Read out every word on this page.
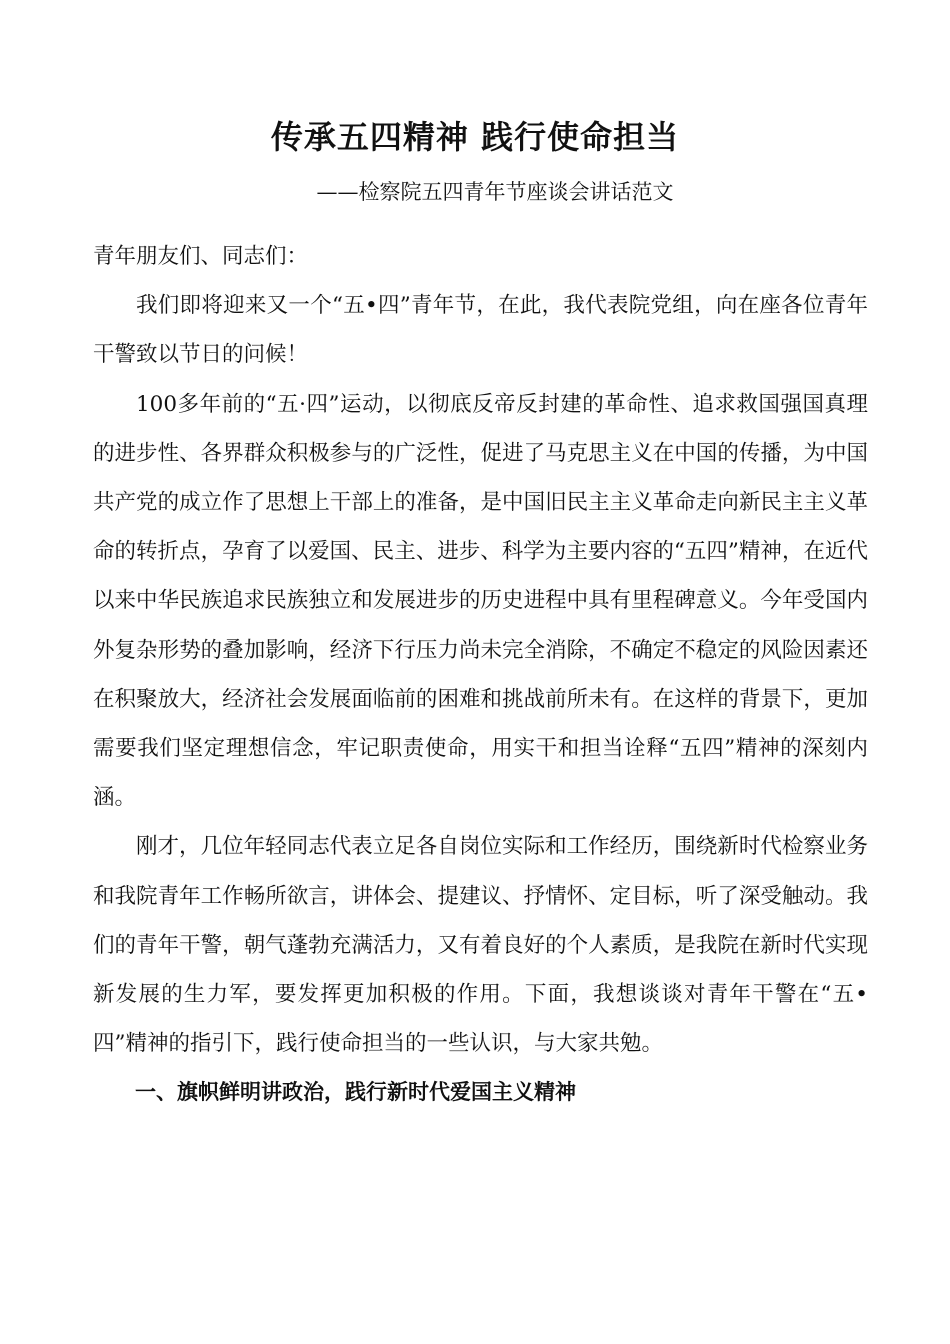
传承五四精神 践行使命担当
——检察院五四青年节座谈会讲话范文

青年朋友们、同志们：

我们即将迎来又一个“五•四”青年节，在此，我代表院党组，向在座各位青年干警致以节日的问候！

100多年前的“五·四”运动，以彻底反帝反封建的革命性、追求救国强国真理的进步性、各界群众积极参与的广泛性，促进了马克思主义在中国的传播，为中国共产党的成立作了思想上干部上的准备，是中国旧民主主义革命走向新民主主义革命的转折点，孕育了以爱国、民主、进步、科学为主要内容的“五四”精神，在近代以来中华民族追求民族独立和发展进步的历史进程中具有里程碑意义。今年受国内外复杂形势的叠加影响，经济下行压力尚未完全消除，不确定不稳定的风险因素还在积聚放大，经济社会发展面临前的困难和挑战前所未有。在这样的背景下，更加需要我们坚定理想信念，牢记职责使命，用实干和担当诠释“五四”精神的深刻内涵。

刚才，几位年轻同志代表立足各自岗位实际和工作经历，围绕新时代检察业务和我院青年工作畅所欲言，讲体会、提建议、抒情怀、定目标，听了深受触动。我们的青年干警，朝气蓬勃充满活力，又有着良好的个人素质，是我院在新时代实现新发展的生力军，要发挥更加积极的作用。下面，我想谈谈对青年干警在“五•四”精神的指引下，践行使命担当的一些认识，与大家共勉。

一、旗帜鲜明讲政治，践行新时代爱国主义精神
